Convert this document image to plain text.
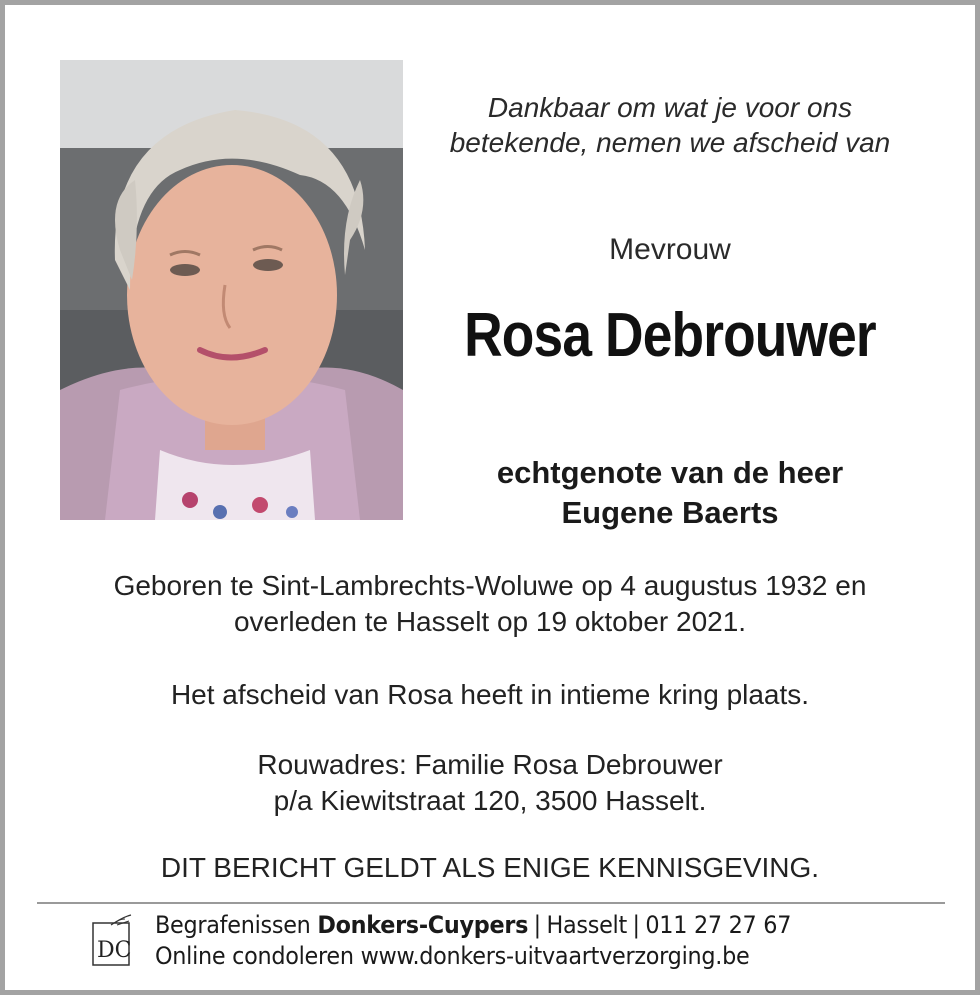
Dankbaar om wat je voor ons
betekende, nemen we afscheid van
Mevrouw
Rosa Debrouwer
echtgenote van de heer
Eugene Baerts
Geboren te Sint-Lambrechts-Woluwe op 4 augustus 1932 en
overleden te Hasselt op 19 oktober 2021.
Het afscheid van Rosa heeft in intieme kring plaats.
Rouwadres: Familie Rosa Debrouwer
p/a Kiewitstraat 120, 3500 Hasselt.
DIT BERICHT GELDT ALS ENIGE KENNISGEVING.
DC
Begrafenissen Donkers-Cuypers | Hasselt | 011 27 27 67
Online condoleren www.donkers-uitvaartverzorging.be
